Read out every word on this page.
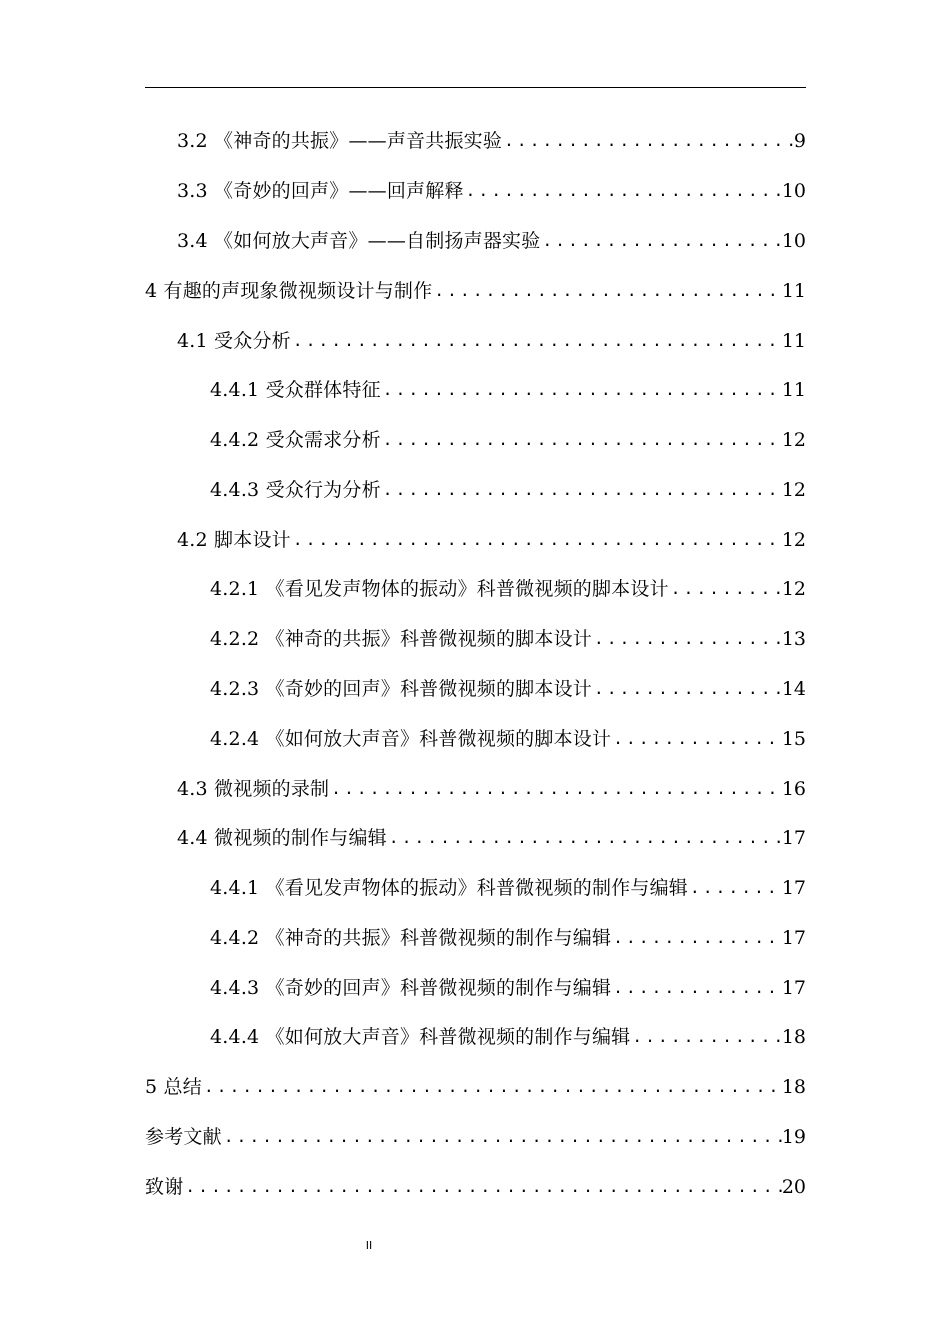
3.2 《神奇的共振》——声音共振实验 .....	9
3.3 《奇妙的回声》——回声解释 .....	10
3.4 《如何放大声音》——自制扬声器实验 .....	10
4 有趣的声现象微视频设计与制作 .....	11
4.1 受众分析 .....	11
4.4.1 受众群体特征 .....	11
4.4.2 受众需求分析 .....	12
4.4.3 受众行为分析 .....	12
4.2 脚本设计 .....	12
4.2.1 《看见发声物体的振动》科普微视频的脚本设计 .....	12
4.2.2 《神奇的共振》科普微视频的脚本设计 .....	13
4.2.3 《奇妙的回声》科普微视频的脚本设计 .....	14
4.2.4 《如何放大声音》科普微视频的脚本设计 .....	15
4.3 微视频的录制 .....	16
4.4 微视频的制作与编辑 .....	17
4.4.1 《看见发声物体的振动》科普微视频的制作与编辑 .....	17
4.4.2 《神奇的共振》科普微视频的制作与编辑 .....	17
4.4.3 《奇妙的回声》科普微视频的制作与编辑 .....	17
4.4.4 《如何放大声音》科普微视频的制作与编辑 .....	18
5 总结 .....	18
参考文献 .....	19
致谢 .....	20
II
